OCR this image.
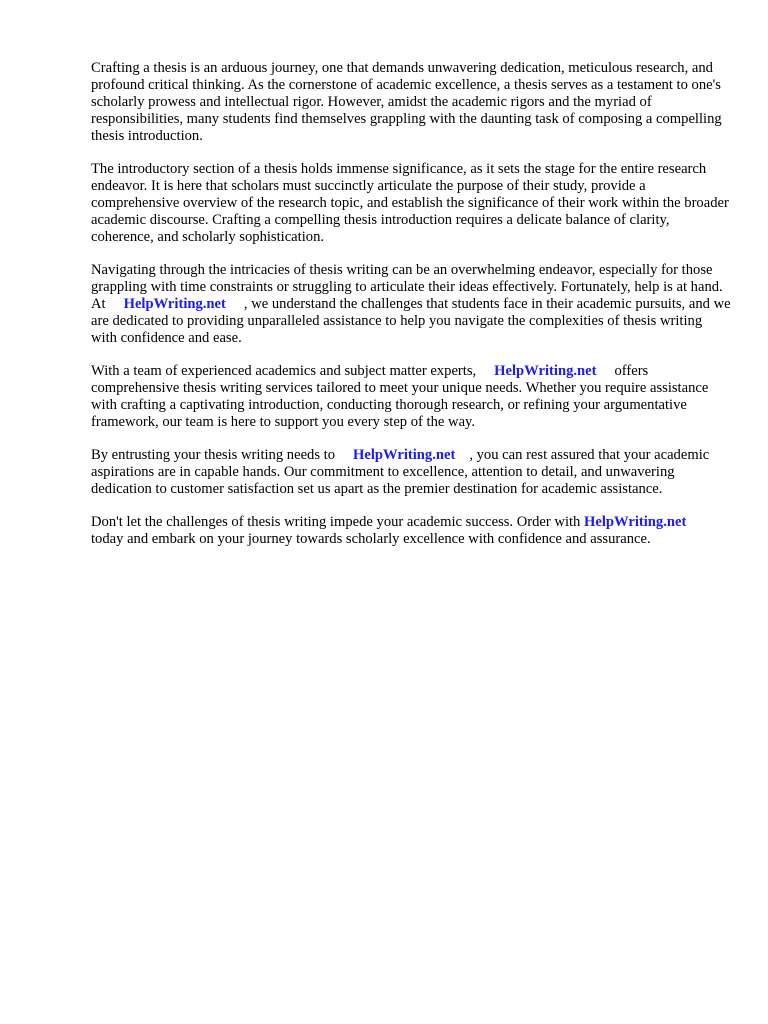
Crafting a thesis is an arduous journey, one that demands unwavering dedication, meticulous research, and profound critical thinking. As the cornerstone of academic excellence, a thesis serves as a testament to one's scholarly prowess and intellectual rigor. However, amidst the academic rigors and the myriad of responsibilities, many students find themselves grappling with the daunting task of composing a compelling thesis introduction.

The introductory section of a thesis holds immense significance, as it sets the stage for the entire research endeavor. It is here that scholars must succinctly articulate the purpose of their study, provide a comprehensive overview of the research topic, and establish the significance of their work within the broader academic discourse. Crafting a compelling thesis introduction requires a delicate balance of clarity, coherence, and scholarly sophistication.

Navigating through the intricacies of thesis writing can be an overwhelming endeavor, especially for those grappling with time constraints or struggling to articulate their ideas effectively. Fortunately, help is at hand. At HelpWriting.net , we understand the challenges that students face in their academic pursuits, and we are dedicated to providing unparalleled assistance to help you navigate the complexities of thesis writing with confidence and ease.

With a team of experienced academics and subject matter experts, HelpWriting.net offers comprehensive thesis writing services tailored to meet your unique needs. Whether you require assistance with crafting a captivating introduction, conducting thorough research, or refining your argumentative framework, our team is here to support you every step of the way.

By entrusting your thesis writing needs to HelpWriting.net , you can rest assured that your academic aspirations are in capable hands. Our commitment to excellence, attention to detail, and unwavering dedication to customer satisfaction set us apart as the premier destination for academic assistance.

Don't let the challenges of thesis writing impede your academic success. Order with HelpWriting.nettoday and embark on your journey towards scholarly excellence with confidence and assurance.
